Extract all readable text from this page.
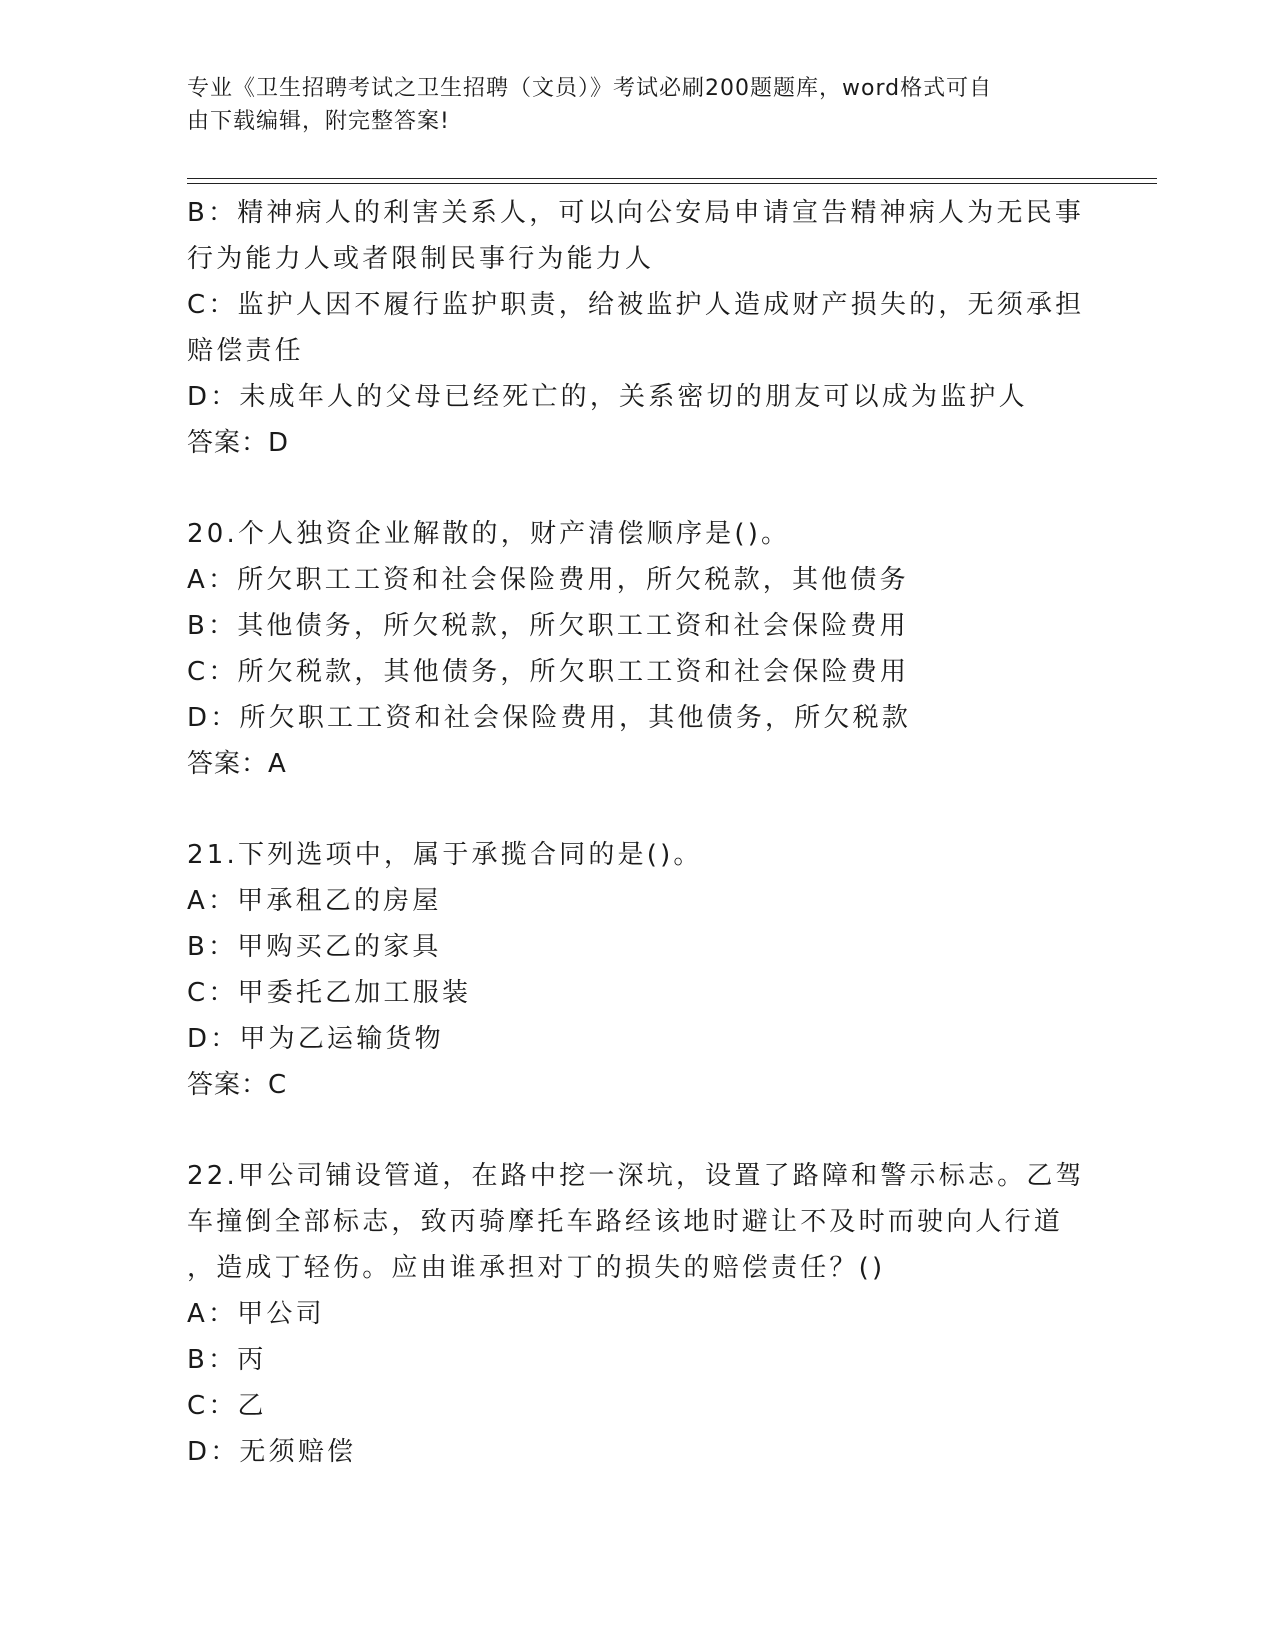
专业《卫生招聘考试之卫生招聘（文员）》考试必刷200题题库，word格式可自
由下载编辑，附完整答案!
B：精神病人的利害关系人，可以向公安局申请宣告精神病人为无民事
行为能力人或者限制民事行为能力人
C：监护人因不履行监护职责，给被监护人造成财产损失的，无须承担
赔偿责任
D：未成年人的父母已经死亡的，关系密切的朋友可以成为监护人
答案：D
20.个人独资企业解散的，财产清偿顺序是()。
A：所欠职工工资和社会保险费用，所欠税款，其他债务
B：其他债务，所欠税款，所欠职工工资和社会保险费用
C：所欠税款，其他债务，所欠职工工资和社会保险费用
D：所欠职工工资和社会保险费用，其他债务，所欠税款
答案：A
21.下列选项中，属于承揽合同的是()。
A：甲承租乙的房屋
B：甲购买乙的家具
C：甲委托乙加工服装
D：甲为乙运输货物
答案：C
22.甲公司铺设管道，在路中挖一深坑，设置了路障和警示标志。乙驾
车撞倒全部标志，致丙骑摩托车路经该地时避让不及时而驶向人行道
，造成丁轻伤。应由谁承担对丁的损失的赔偿责任？()
A：甲公司
B：丙
C：乙
D：无须赔偿
